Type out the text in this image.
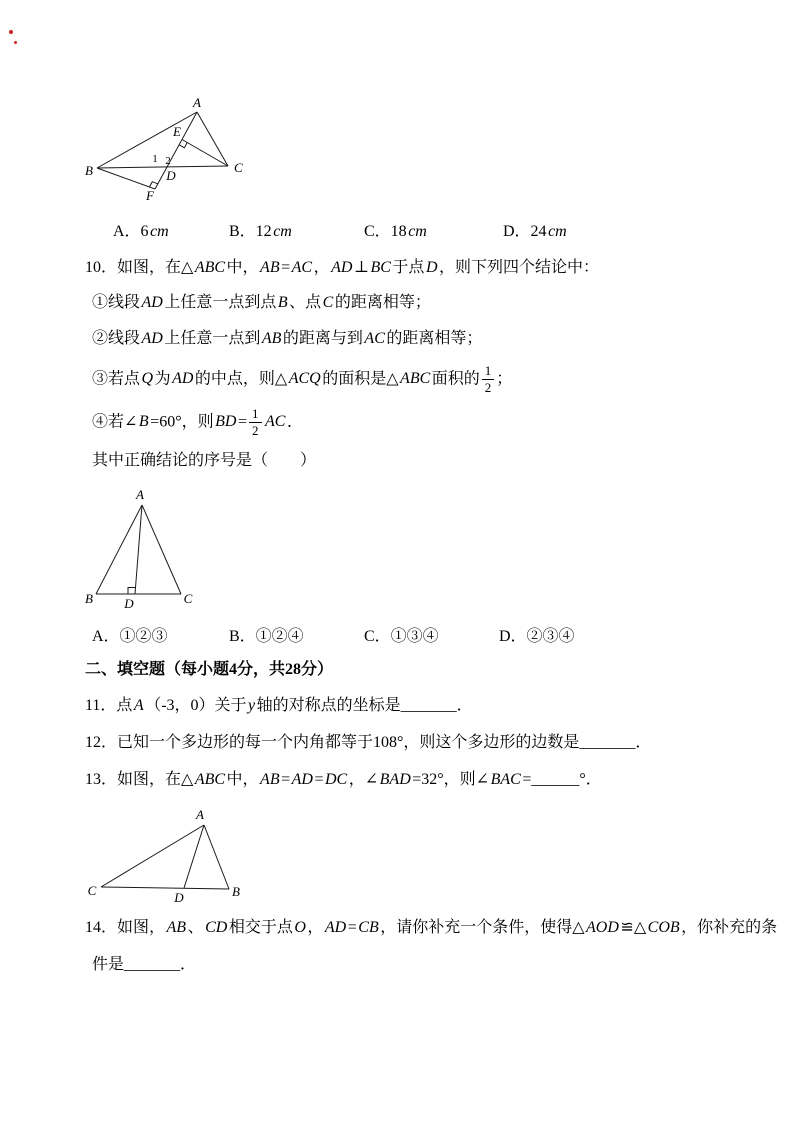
A
E
B	C
D
F
1 2
A．6cm	B．12cm	C．18cm	D．24cm
10．如图，在△ABC中，AB=AC，AD⊥BC于点D，则下列四个结论中：
①线段AD上任意一点到点B、点C的距离相等；
②线段AD上任意一点到AB的距离与到AC的距离相等；
③若点Q为AD的中点，则△ACQ的面积是△ABC面积的 $\frac{1}{2}$ ；
④若∠B=60°，则$BD= \frac{1}{2}$ AC．
其中正确结论的序号是（　　）
A
B	C
D
A．①②③	B．①②④	C．①③④	D．②③④
二、填空题（每小题4分，共28分）
11．点A（-3，0）关于y轴的对称点的坐标是_______．
12．已知一个多边形的每一个内角都等于108°，则这个多边形的边数是_______．
13．如图，在△ABC中，AB=AD=DC，∠BAD=32°，则∠BAC=______°．
A
C	D	B
14．如图，AB、CD相交于点O，AD=CB，请你补充一个条件，使得△AOD≌△COB，你补充的条
件是_______．
